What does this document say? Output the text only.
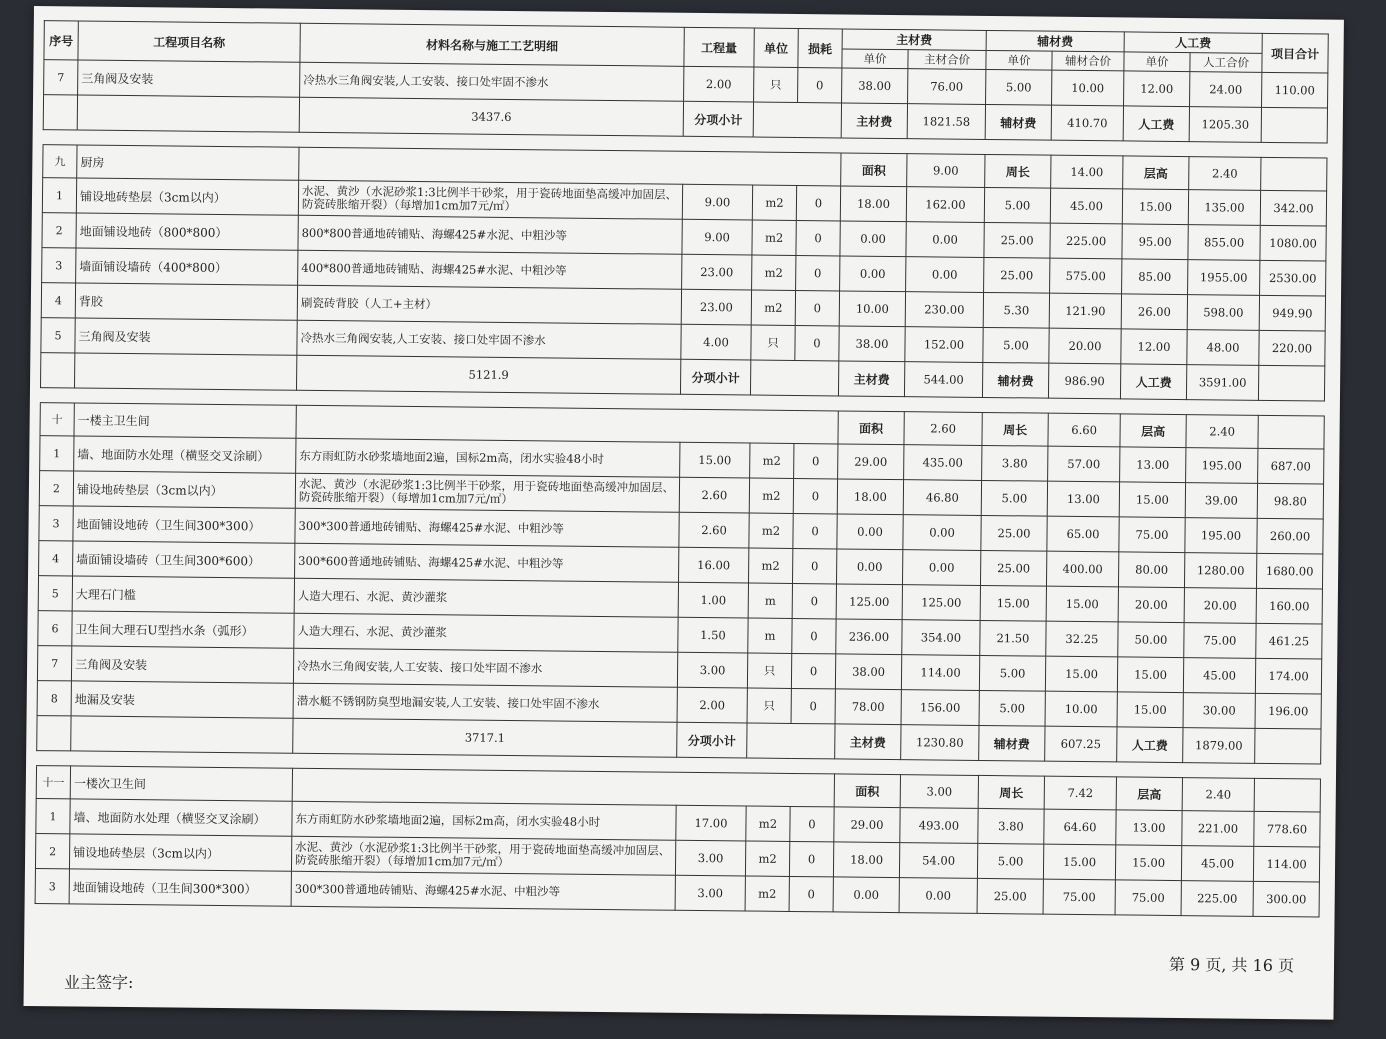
序号	工程项目名称	材料名称与施工工艺明细	工程量	单位	损耗	主材费		辅材费		人工费		项目合计
						单价	主材合价	单价	辅材合价	单价	人工合价	
7	三角阀及安装	冷热水三角阀安装,人工安装、接口处牢固不渗水	2.00	只	0	38.00	76.00	5.00	10.00	12.00	24.00	110.00
		3437.6	分项小计			主材费	1821.58	辅材费	410.70	人工费	1205.30	

九	厨房					面积	9.00	周长	14.00	层高	2.40	
1	铺设地砖垫层（3cm以内）	水泥、黄沙（水泥砂浆1:3比例半干砂浆，用于瓷砖地面垫高缓冲加固层、防瓷砖胀缩开裂）（每增加1cm加7元/㎡）	9.00	m2	0	18.00	162.00	5.00	45.00	15.00	135.00	342.00
2	地面铺设地砖（800*800）	800*800普通地砖铺贴、海螺425#水泥、中粗沙等	9.00	m2	0	0.00	0.00	25.00	225.00	95.00	855.00	1080.00
3	墙面铺设墙砖（400*800）	400*800普通地砖铺贴、海螺425#水泥、中粗沙等	23.00	m2	0	0.00	0.00	25.00	575.00	85.00	1955.00	2530.00
4	背胶	刷瓷砖背胶（人工+主材）	23.00	m2	0	10.00	230.00	5.30	121.90	26.00	598.00	949.90
5	三角阀及安装	冷热水三角阀安装,人工安装、接口处牢固不渗水	4.00	只	0	38.00	152.00	5.00	20.00	12.00	48.00	220.00
		5121.9	分项小计			主材费	544.00	辅材费	986.90	人工费	3591.00	

十	一楼主卫生间					面积	2.60	周长	6.60	层高	2.40	
1	墙、地面防水处理（横竖交叉涂刷）	东方雨虹防水砂浆墙地面2遍，国标2m高，闭水实验48小时	15.00	m2	0	29.00	435.00	3.80	57.00	13.00	195.00	687.00
2	铺设地砖垫层（3cm以内）	水泥、黄沙（水泥砂浆1:3比例半干砂浆，用于瓷砖地面垫高缓冲加固层、防瓷砖胀缩开裂）（每增加1cm加7元/㎡）	2.60	m2	0	18.00	46.80	5.00	13.00	15.00	39.00	98.80
3	地面铺设地砖（卫生间300*300）	300*300普通地砖铺贴、海螺425#水泥、中粗沙等	2.60	m2	0	0.00	0.00	25.00	65.00	75.00	195.00	260.00
4	墙面铺设墙砖（卫生间300*600）	300*600普通地砖铺贴、海螺425#水泥、中粗沙等	16.00	m2	0	0.00	0.00	25.00	400.00	80.00	1280.00	1680.00
5	大理石门槛	人造大理石、水泥、黄沙灌浆	1.00	m	0	125.00	125.00	15.00	15.00	20.00	20.00	160.00
6	卫生间大理石U型挡水条（弧形）	人造大理石、水泥、黄沙灌浆	1.50	m	0	236.00	354.00	21.50	32.25	50.00	75.00	461.25
7	三角阀及安装	冷热水三角阀安装,人工安装、接口处牢固不渗水	3.00	只	0	38.00	114.00	5.00	15.00	15.00	45.00	174.00
8	地漏及安装	潜水艇不锈钢防臭型地漏安装,人工安装、接口处牢固不渗水	2.00	只	0	78.00	156.00	5.00	10.00	15.00	30.00	196.00
		3717.1	分项小计			主材费	1230.80	辅材费	607.25	人工费	1879.00	

十一	一楼次卫生间					面积	3.00	周长	7.42	层高	2.40	
1	墙、地面防水处理（横竖交叉涂刷）	东方雨虹防水砂浆墙地面2遍，国标2m高，闭水实验48小时	17.00	m2	0	29.00	493.00	3.80	64.60	13.00	221.00	778.60
2	铺设地砖垫层（3cm以内）	水泥、黄沙（水泥砂浆1:3比例半干砂浆，用于瓷砖地面垫高缓冲加固层、防瓷砖胀缩开裂）（每增加1cm加7元/㎡）	3.00	m2	0	18.00	54.00	5.00	15.00	15.00	45.00	114.00
3	地面铺设地砖（卫生间300*300）	300*300普通地砖铺贴、海螺425#水泥、中粗沙等	3.00	m2	0	0.00	0.00	25.00	75.00	75.00	225.00	300.00
第 9 页, 共 16 页
业主签字:
